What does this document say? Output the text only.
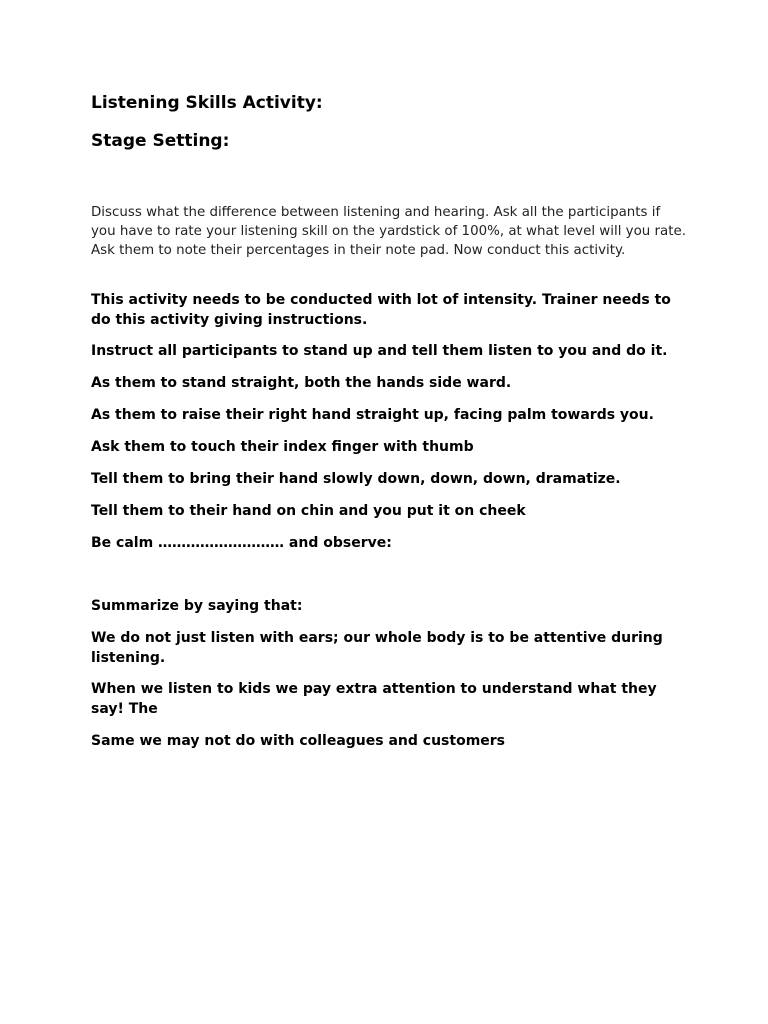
Listening Skills Activity:
Stage Setting:

Discuss what the difference between listening and hearing. Ask all the participants if you have to rate your listening skill on the yardstick of 100%, at what level will you rate. Ask them to note their percentages in their note pad. Now conduct this activity.

This activity needs to be conducted with lot of intensity. Trainer needs to do this activity giving instructions.

Instruct all participants to stand up and tell them listen to you and do it.

As them to stand straight, both the hands side ward.

As them to raise their right hand straight up, facing palm towards you.

Ask them to touch their index finger with thumb

Tell them to bring their hand slowly down, down, down, dramatize.

Tell them to their hand on chin and you put it on cheek

Be calm ……………………… and observe:

Summarize by saying that:

We do not just listen with ears; our whole body is to be attentive during listening.

When we listen to kids we pay extra attention to understand what they say! The

Same we may not do with colleagues and customers
